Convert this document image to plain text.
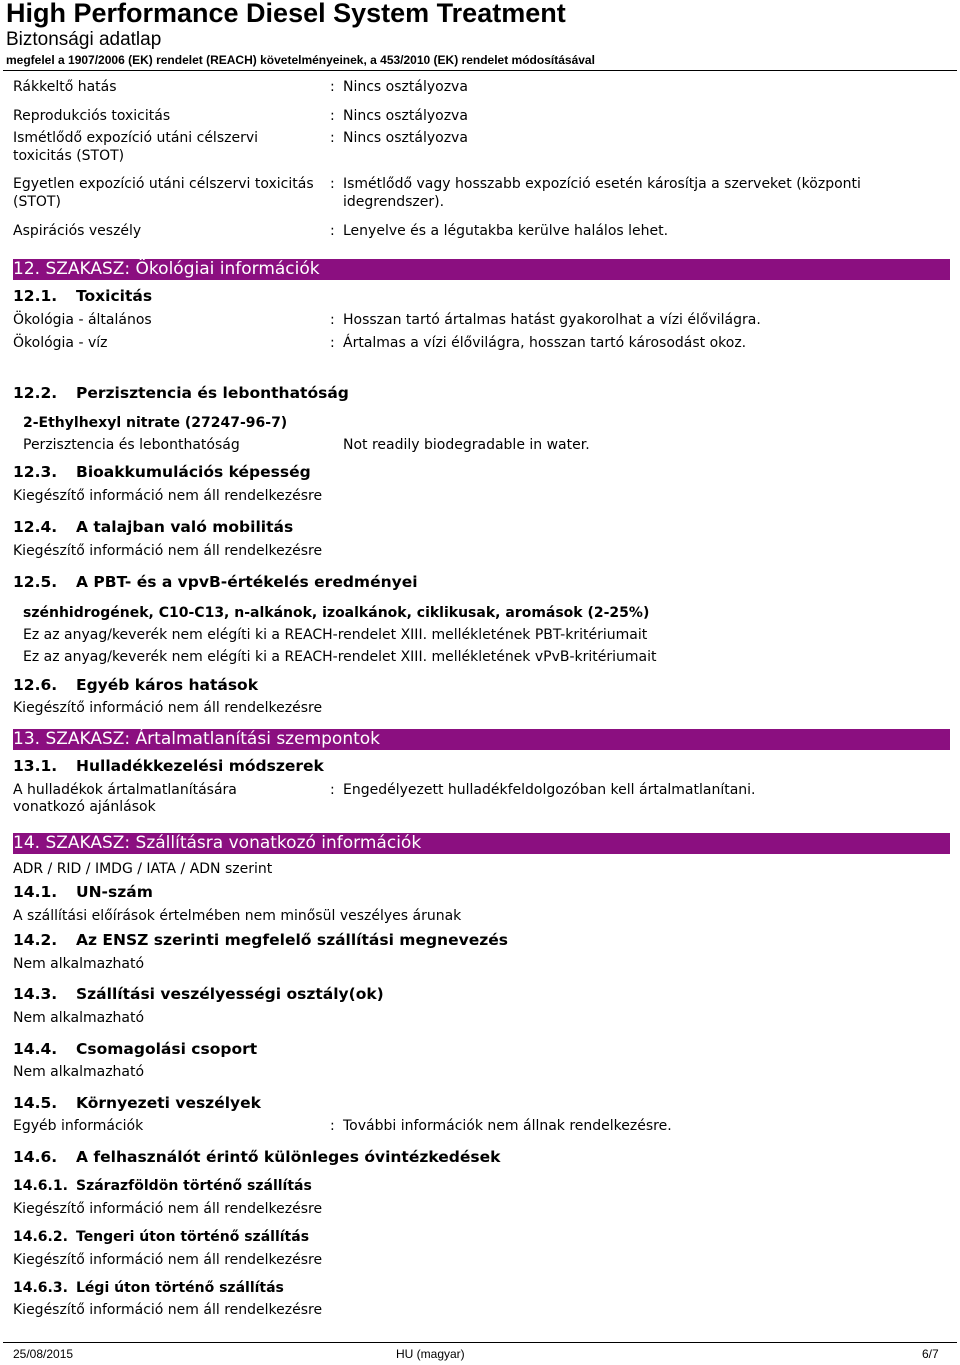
High Performance Diesel System Treatment
Biztonsági adatlap
megfelel a 1907/2006 (EK) rendelet (REACH) követelményeinek, a 453/2010 (EK) rendelet módosításával
Rákkeltő hatás	: Nincs osztályozva
Reprodukciós toxicitás	: Nincs osztályozva
Ismétlődő expozíció utáni célszervi
toxicitás (STOT)
: Nincs osztályozva
Egyetlen expozíció utáni célszervi toxicitás
(STOT)
: Ismétlődő vagy hosszabb expozíció esetén károsítja a szerveket (központi
idegrendszer).
Aspirációs veszély	: Lenyelve és a légutakba kerülve halálos lehet.
12. SZAKASZ: Ökológiai információk
12.1. Toxicitás
Ökológia - általános	: Hosszan tartó ártalmas hatást gyakorolhat a vízi élővilágra.
Ökológia - víz	: Ártalmas a vízi élővilágra, hosszan tartó károsodást okoz.
12.2. Perzisztencia és lebonthatóság
2-Ethylhexyl nitrate (27247-96-7)
Perzisztencia és lebonthatóság	Not readily biodegradable in water.
12.3. Bioakkumulációs képesség
Kiegészítő információ nem áll rendelkezésre
12.4. A talajban való mobilitás
Kiegészítő információ nem áll rendelkezésre
12.5. A PBT- és a vpvB-értékelés eredményei
szénhidrogének, C10-C13, n-alkánok, izoalkánok, ciklikusak, aromások (2-25%)
Ez az anyag/keverék nem elégíti ki a REACH-rendelet XIII. mellékletének PBT-kritériumait
Ez az anyag/keverék nem elégíti ki a REACH-rendelet XIII. mellékletének vPvB-kritériumait
12.6. Egyéb káros hatások
Kiegészítő információ nem áll rendelkezésre
13. SZAKASZ: Ártalmatlanítási szempontok
13.1. Hulladékkezelési módszerek
A hulladékok ártalmatlanítására
vonatkozó ajánlások
: Engedélyezett hulladékfeldolgozóban kell ártalmatlanítani.
14. SZAKASZ: Szállításra vonatkozó információk
ADR / RID / IMDG / IATA / ADN szerint
14.1. UN-szám
A szállítási előírások értelmében nem minősül veszélyes árunak
14.2. Az ENSZ szerinti megfelelő szállítási megnevezés
Nem alkalmazható
14.3. Szállítási veszélyességi osztály(ok)
Nem alkalmazható
14.4. Csomagolási csoport
Nem alkalmazható
14.5. Környezeti veszélyek
Egyéb információk	: További információk nem állnak rendelkezésre.
14.6. A felhasználót érintő különleges óvintézkedések
14.6.1. Szárazföldön történő szállítás
Kiegészítő információ nem áll rendelkezésre
14.6.2. Tengeri úton történő szállítás
Kiegészítő információ nem áll rendelkezésre
14.6.3. Légi úton történő szállítás
Kiegészítő információ nem áll rendelkezésre
25/08/2015	HU (magyar)	6/7
